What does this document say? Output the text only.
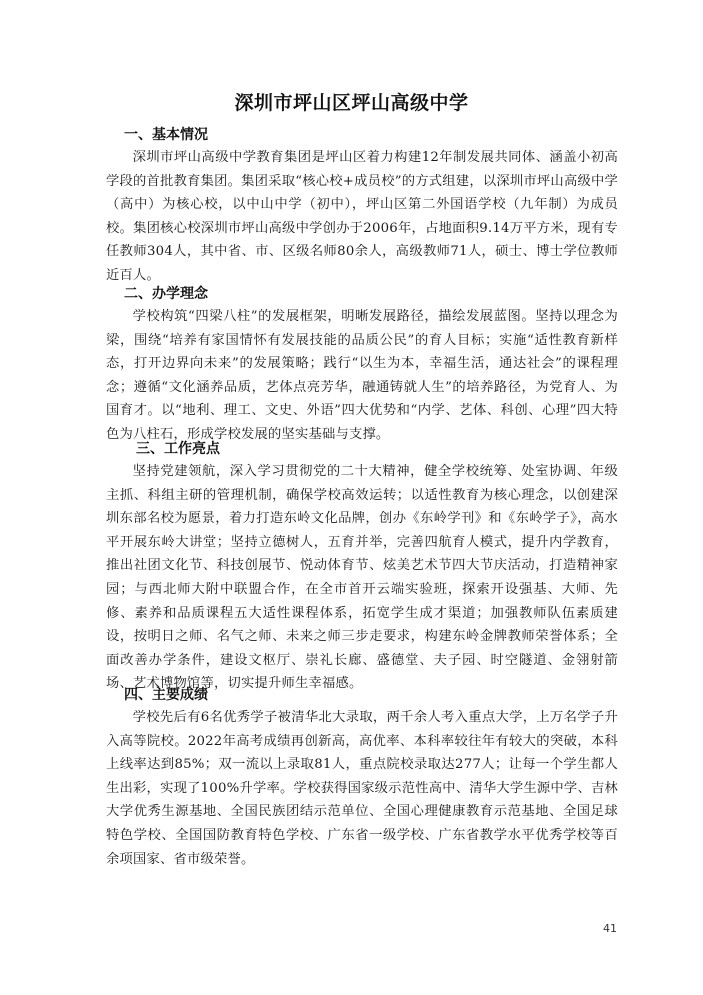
深圳市坪山区坪山高级中学
一、基本情况

深圳市坪山高级中学教育集团是坪山区着力构建12年制发展共同体、涵盖小初高学段的首批教育集团。集团采取“核心校+成员校”的方式组建，以深圳市坪山高级中学（高中）为核心校，以中山中学（初中），坪山区第二外国语学校（九年制）为成员校。集团核心校深圳市坪山高级中学创办于2006年，占地面积9.14万平方米，现有专任教师304人，其中省、市、区级名师80余人，高级教师71人，硕士、博士学位教师近百人。

二、办学理念

学校构筑“四梁八柱”的发展框架，明晰发展路径，描绘发展蓝图。坚持以理念为梁，围绕“培养有家国情怀有发展技能的品质公民”的育人目标；实施“适性教育新样态，打开边界向未来”的发展策略；践行“以生为本，幸福生活，通达社会”的课程理念；遵循“文化涵养品质，艺体点亮芳华，融通铸就人生”的培养路径，为党育人、为国育才。以“地利、理工、文史、外语”四大优势和“内学、艺体、科创、心理”四大特色为八柱石，形成学校发展的坚实基础与支撑。

三、工作亮点

坚持党建领航，深入学习贯彻党的二十大精神，健全学校统筹、处室协调、年级主抓、科组主研的管理机制，确保学校高效运转；以适性教育为核心理念，以创建深圳东部名校为愿景，着力打造东岭文化品牌，创办《东岭学刊》和《东岭学子》，高水平开展东岭大讲堂；坚持立德树人，五育并举，完善四航育人模式，提升内学教育，推出社团文化节、科技创展节、悦动体育节、炫美艺术节四大节庆活动，打造精神家园；与西北师大附中联盟合作，在全市首开云端实验班，探索开设强基、大师、先修、素养和品质课程五大适性课程体系，拓宽学生成才渠道；加强教师队伍素质建设，按明日之师、名气之师、未来之师三步走要求，构建东岭金牌教师荣誉体系；全面改善办学条件，建设文枢厅、崇礼长廊、盛德堂、夫子园、时空隧道、金翎射箭场、艺术博物馆等，切实提升师生幸福感。

四、主要成绩

学校先后有6名优秀学子被清华北大录取，两千余人考入重点大学，上万名学子升入高等院校。2022年高考成绩再创新高，高优率、本科率较往年有较大的突破，本科上线率达到85%；双一流以上录取81人，重点院校录取达277人；让每一个学生都人生出彩，实现了100%升学率。学校获得国家级示范性高中、清华大学生源中学、吉林大学优秀生源基地、全国民族团结示范单位、全国心理健康教育示范基地、全国足球特色学校、全国国防教育特色学校、广东省一级学校、广东省教学水平优秀学校等百余项国家、省市级荣誉。

41
